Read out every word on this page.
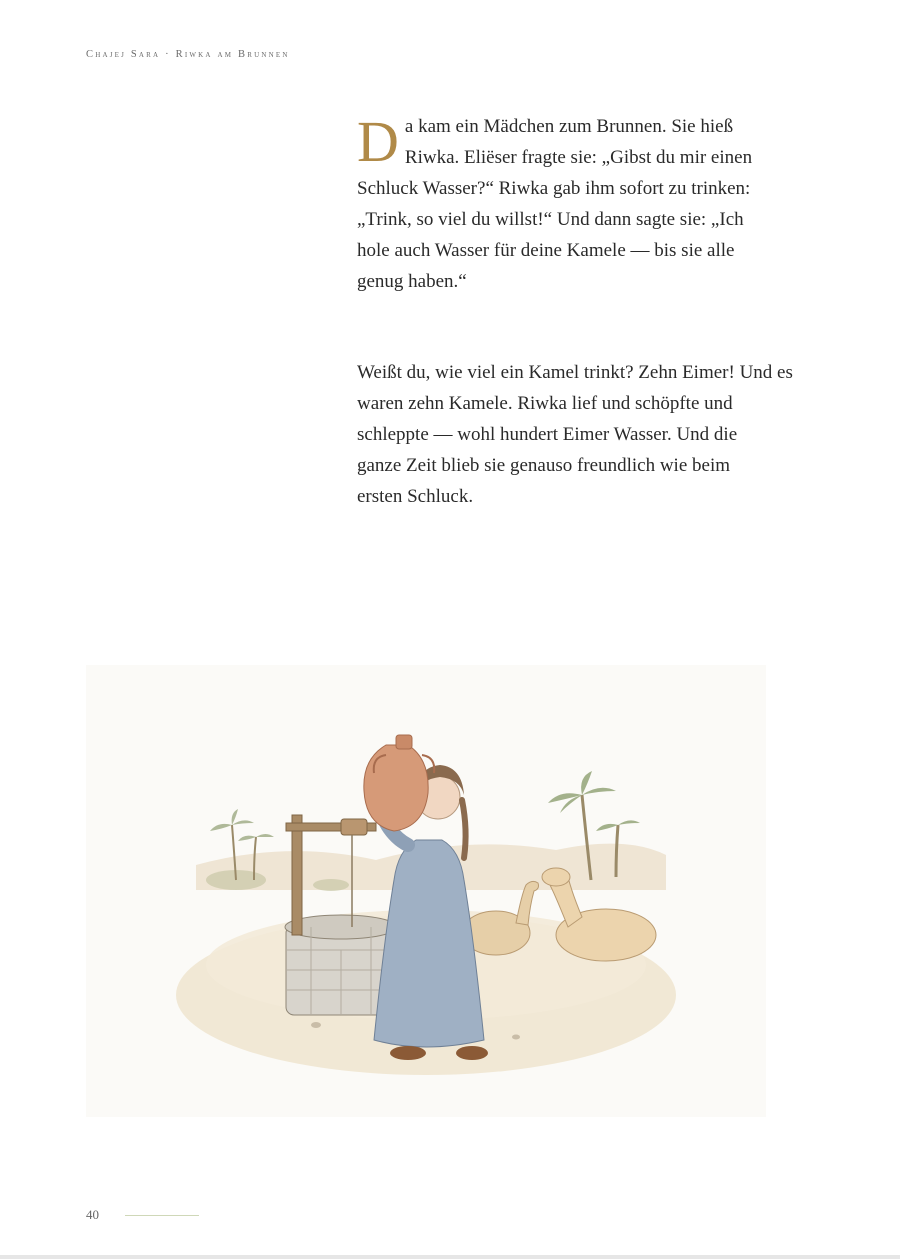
Chajej Sara · Riwka am Brunnen
D a kam ein Mädchen zum Brunnen. Sie hieß
Riwka. Eliëser fragte sie: „Gibst du mir einen
Schluck Wasser?“ Riwka gab ihm sofort zu trinken:
„Trink, so viel du willst!“ Und dann sagte sie: „Ich
hole auch Wasser für deine Kamele — bis sie alle
genug haben.“
Weißt du, wie viel ein Kamel trinkt? Zehn Eimer! Und es
waren zehn Kamele. Riwka lief und schöpfte und
schleppte — wohl hundert Eimer Wasser. Und die
ganze Zeit blieb sie genauso freundlich wie beim
ersten Schluck.
40
